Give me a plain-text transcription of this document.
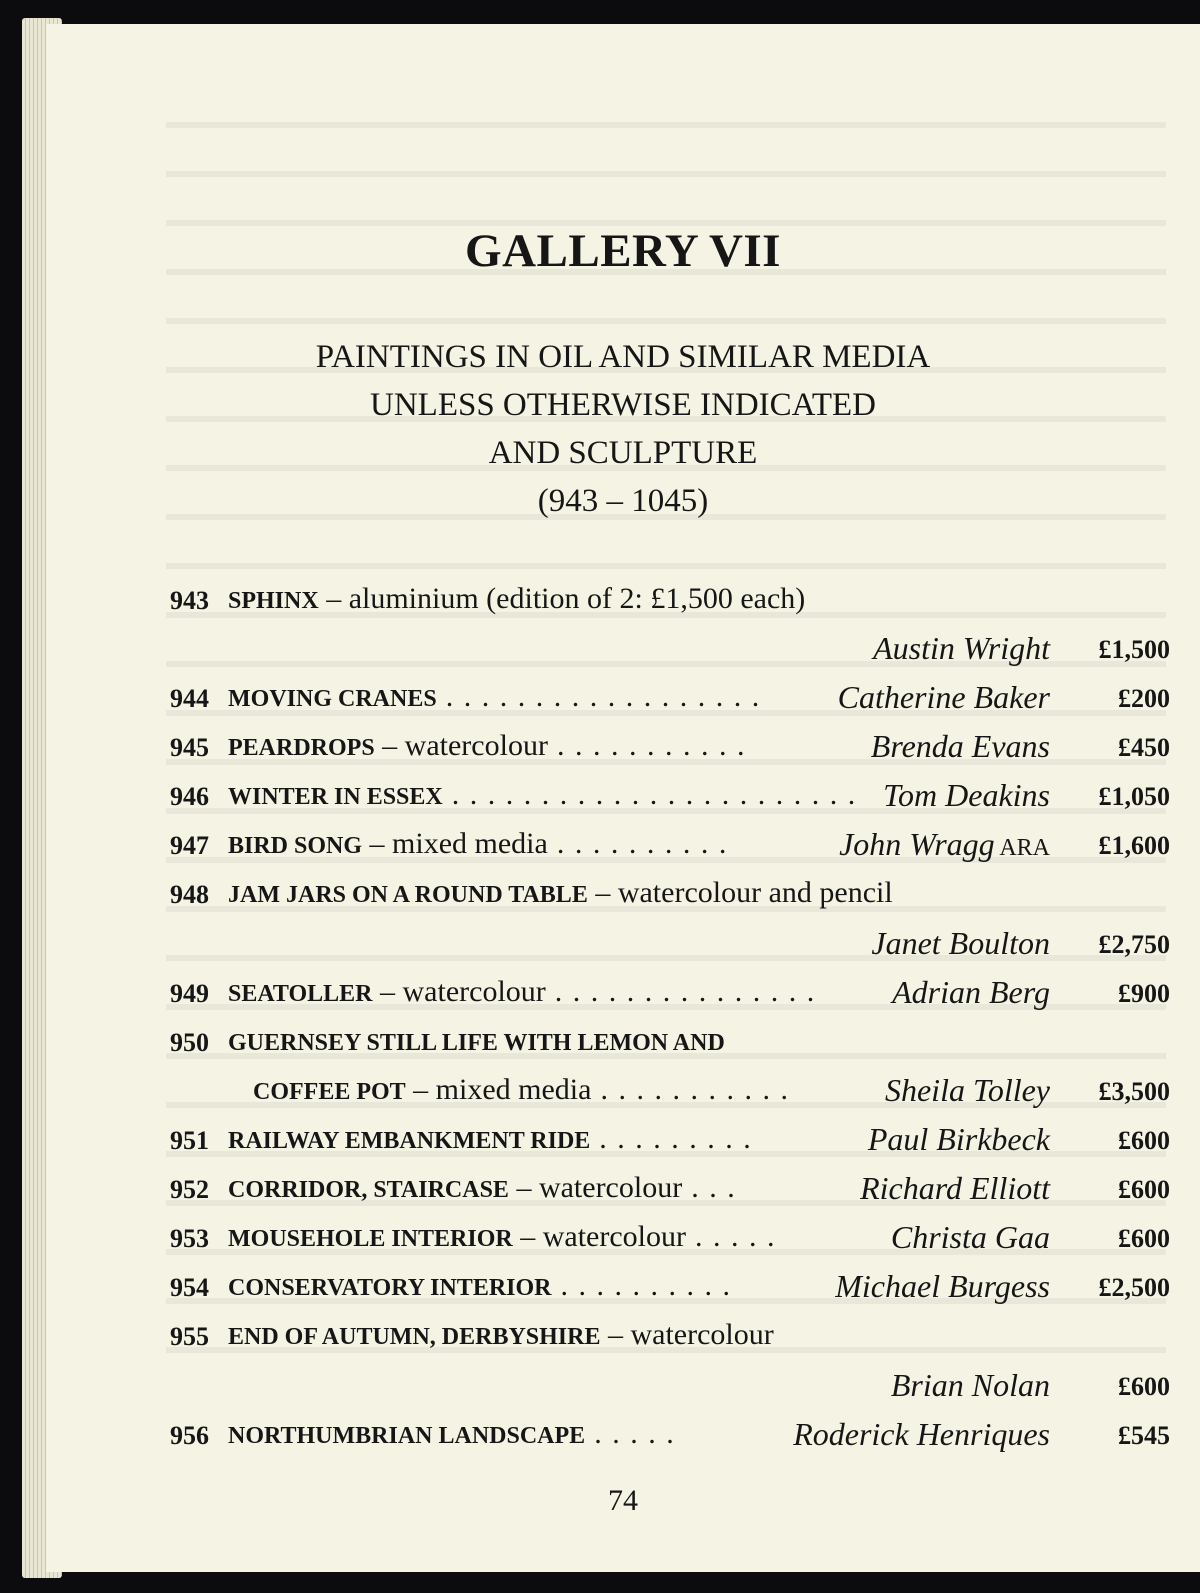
GALLERY VII
PAINTINGS IN OIL AND SIMILAR MEDIA
UNLESS OTHERWISE INDICATED
AND SCULPTURE
(943 – 1045)
943 SPHINX – aluminium (edition of 2: £1,500 each)
Austin Wright £1,500
944 MOVING CRANES . . . . . . . . . . . . . . . . . . Catherine Baker	£200
945 PEARDROPS – watercolour . . . . . . . . . . .	Brenda Evans	£450
946 WINTER IN ESSEX . . . . . . . . . . . . . . . . . . . . . . . Tom Deakins £1,050
947 BIRD SONG – mixed media . . . . . . . . . .	John Wragg ARA £1,600
948 JAM JARS ON A ROUND TABLE – watercolour and pencil
Janet Boulton £2,750
949 SEATOLLER – watercolour . . . . . . . . . . . . . . . Adrian Berg	£900
950 GUERNSEY STILL LIFE WITH LEMON AND
COFFEE POT – mixed media . . . . . . . . . . .	Sheila Tolley £3,500
951 RAILWAY EMBANKMENT RIDE . . . . . . . . .	Paul Birkbeck	£600
952 CORRIDOR, STAIRCASE – watercolour . . .	Richard Elliott	£600
953 MOUSEHOLE INTERIOR – watercolour . . . . .	Christa Gaa	£600
954 CONSERVATORY INTERIOR . . . . . . . . . .	Michael Burgess £2,500
955 END OF AUTUMN, DERBYSHIRE – watercolour
Brian Nolan	£600
956 NORTHUMBRIAN LANDSCAPE . . . . .	Roderick Henriques	£545
74
